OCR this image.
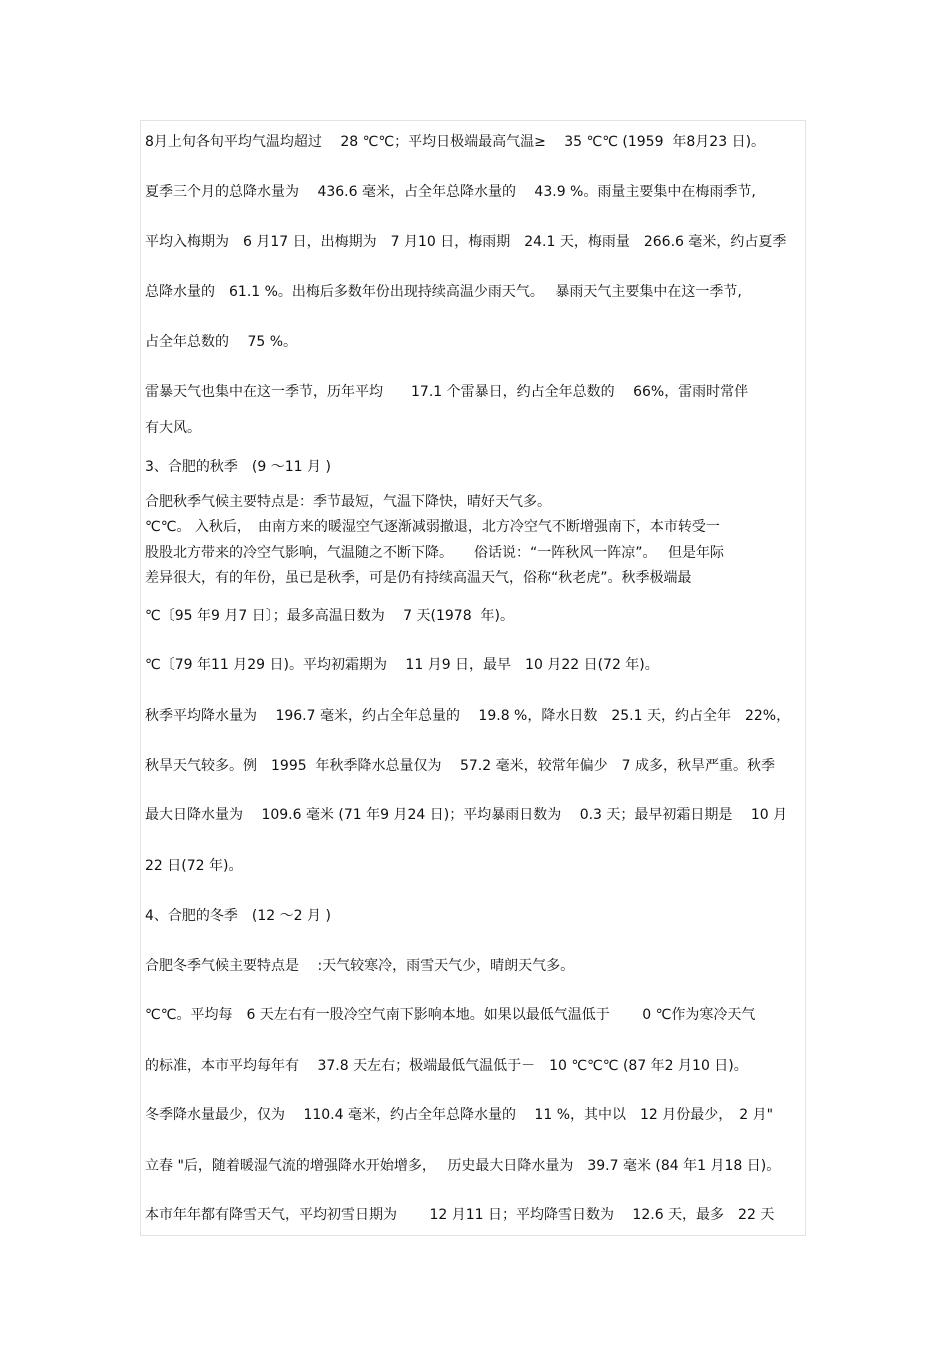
8月上旬各旬平均气温均超过　 28 ℃℃；平均日极端最高气温≥　 35 ℃℃ (1959  年8月23 日)。
夏季三个月的总降水量为　 436.6 毫米，占全年总降水量的　 43.9 %。雨量主要集中在梅雨季节,
平均入梅期为　6 月17 日，出梅期为　7 月10 日，梅雨期　24.1 天，梅雨量　266.6 毫米，约占夏季
总降水量的　61.1 %。出梅后多数年份出现持续高温少雨天气。　 暴雨天气主要集中在这一季节,
占全年总数的　 75 %。
雷暴天气也集中在这一季节，历年平均　　17.1 个雷暴日，约占全年总数的　 66%，雷雨时常伴
有大风。
3、合肥的秋季　(9 ～11 月 )
合肥秋季气候主要特点是：季节最短，气温下降快，晴好天气多。
℃℃。 入秋后，　由南方来的暖湿空气逐渐减弱撤退，北方冷空气不断增强南下，本市转受一
股股北方带来的冷空气影响，气温随之不断下降。　　俗话说：“一阵秋风一阵凉”。　 但是年际
差异很大，有的年份，虽已是秋季，可是仍有持续高温天气，俗称“秋老虎”。秋季极端最
℃〔95 年9 月7 日〕；最多高温日数为　 7 天(1978  年)。
℃〔79 年11 月29 日)。平均初霜期为　 11 月9 日，最早　10 月22 日(72 年)。
秋季平均降水量为　 196.7 毫米，约占全年总量的　 19.8 %，降水日数　25.1 天，约占全年　22%，
秋旱天气较多。例　1995  年秋季降水总量仅为　 57.2 毫米，较常年偏少　7 成多，秋旱严重。秋季
最大日降水量为　 109.6 毫米 (71 年9 月24 日)；平均暴雨日数为　 0.3 天；最早初霜日期是　 10 月
22 日(72 年)。
4、合肥的冬季　(12 ～2 月 )
合肥冬季气候主要特点是　 :天气较寒冷，雨雪天气少，晴朗天气多。
℃℃。平均每　6 天左右有一股冷空气南下影响本地。如果以最低气温低于　　 0 ℃作为寒冷天气
的标准，本市平均每年有　 37.8 天左右；极端最低气温低于－　10 ℃℃℃ (87 年2 月10 日)。
冬季降水量最少，仅为　 110.4 毫米，约占全年总降水量的　 11 %，其中以　12 月份最少，　2 月"
立春 "后，随着暖湿气流的增强降水开始增多，　 历史最大日降水量为　39.7 毫米 (84 年1 月18 日)。
本市年年都有降雪天气，平均初雪日期为　　 12 月11 日；平均降雪日数为　 12.6 天，最多　22 天
